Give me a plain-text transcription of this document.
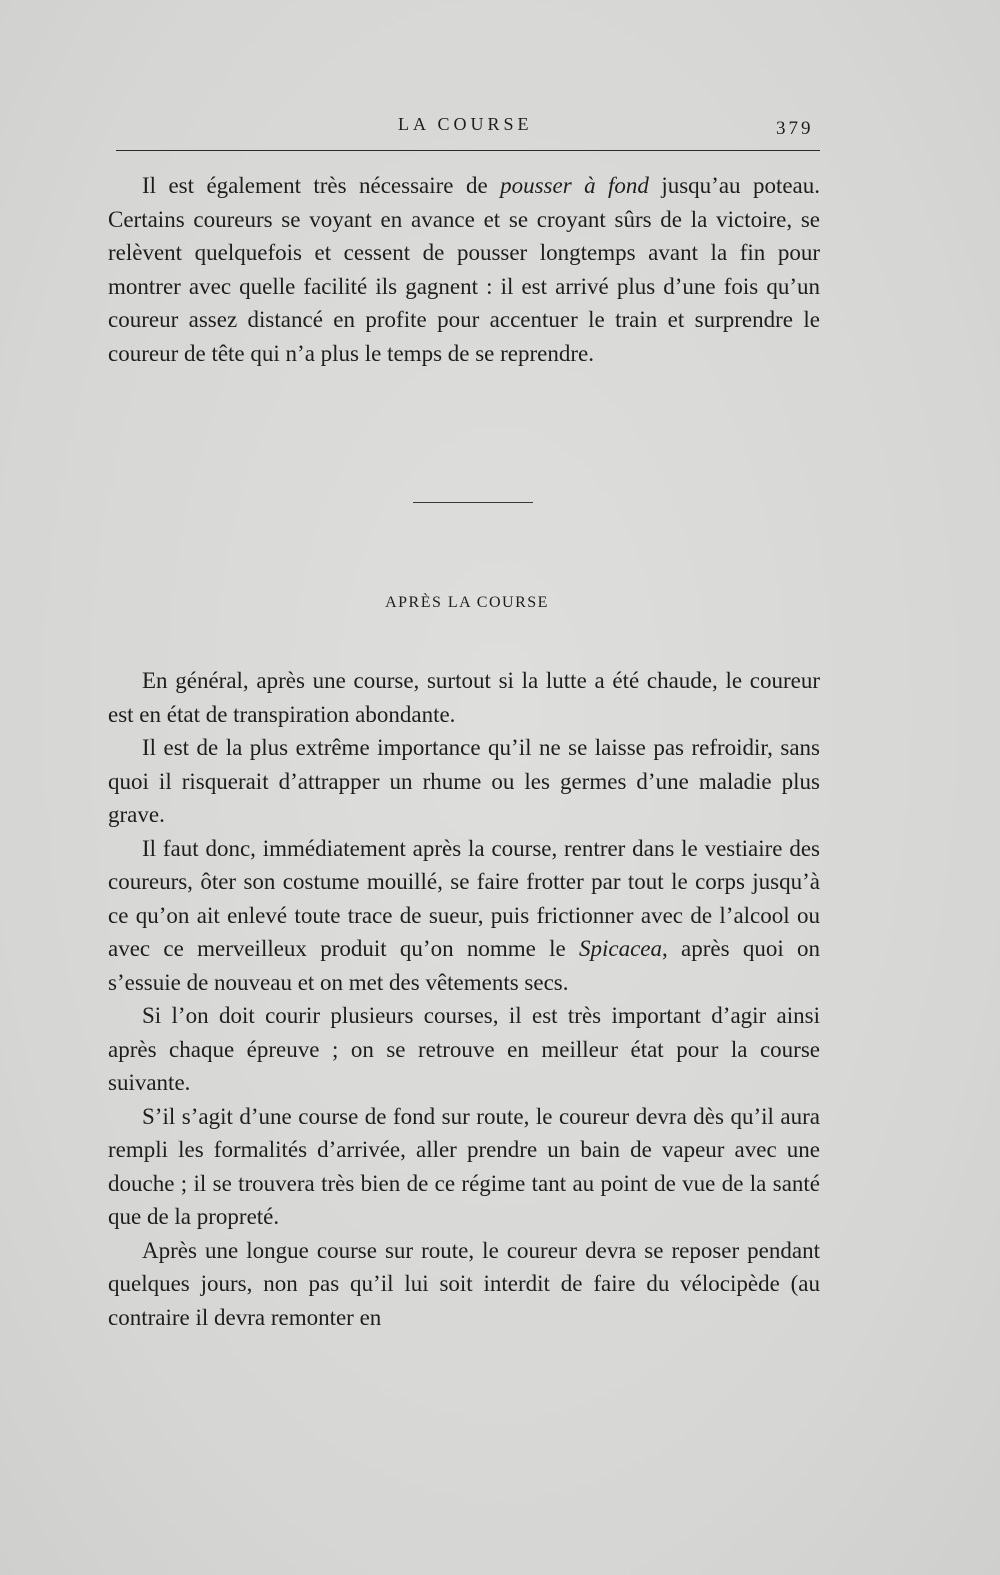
LA COURSE	379

Il est également très nécessaire de pousser à fond jusqu’au poteau. Certains coureurs se voyant en avance et se croyant sûrs de la victoire, se relèvent quelquefois et cessent de pousser longtemps avant la fin pour montrer avec quelle facilité ils gagnent : il est arrivé plus d’une fois qu’un coureur assez distancé en profite pour accentuer le train et surprendre le coureur de tête qui n’a plus le temps de se reprendre.

APRÈS LA COURSE

En général, après une course, surtout si la lutte a été chaude, le coureur est en état de transpiration abondante.

Il est de la plus extrême importance qu’il ne se laisse pas refroidir, sans quoi il risquerait d’attrapper un rhume ou les germes d’une maladie plus grave.

Il faut donc, immédiatement après la course, rentrer dans le vestiaire des coureurs, ôter son costume mouillé, se faire frotter par tout le corps jusqu’à ce qu’on ait enlevé toute trace de sueur, puis frictionner avec de l’alcool ou avec ce merveilleux produit qu’on nomme le Spicacea, après quoi on s’essuie de nouveau et on met des vêtements secs.

Si l’on doit courir plusieurs courses, il est très important d’agir ainsi après chaque épreuve ; on se retrouve en meilleur état pour la course suivante.

S’il s’agit d’une course de fond sur route, le coureur devra dès qu’il aura rempli les formalités d’arrivée, aller prendre un bain de vapeur avec une douche ; il se trouvera très bien de ce régime tant au point de vue de la santé que de la propreté.

Après une longue course sur route, le coureur devra se reposer pendant quelques jours, non pas qu’il lui soit interdit de faire du vélocipède (au contraire il devra remonter en
